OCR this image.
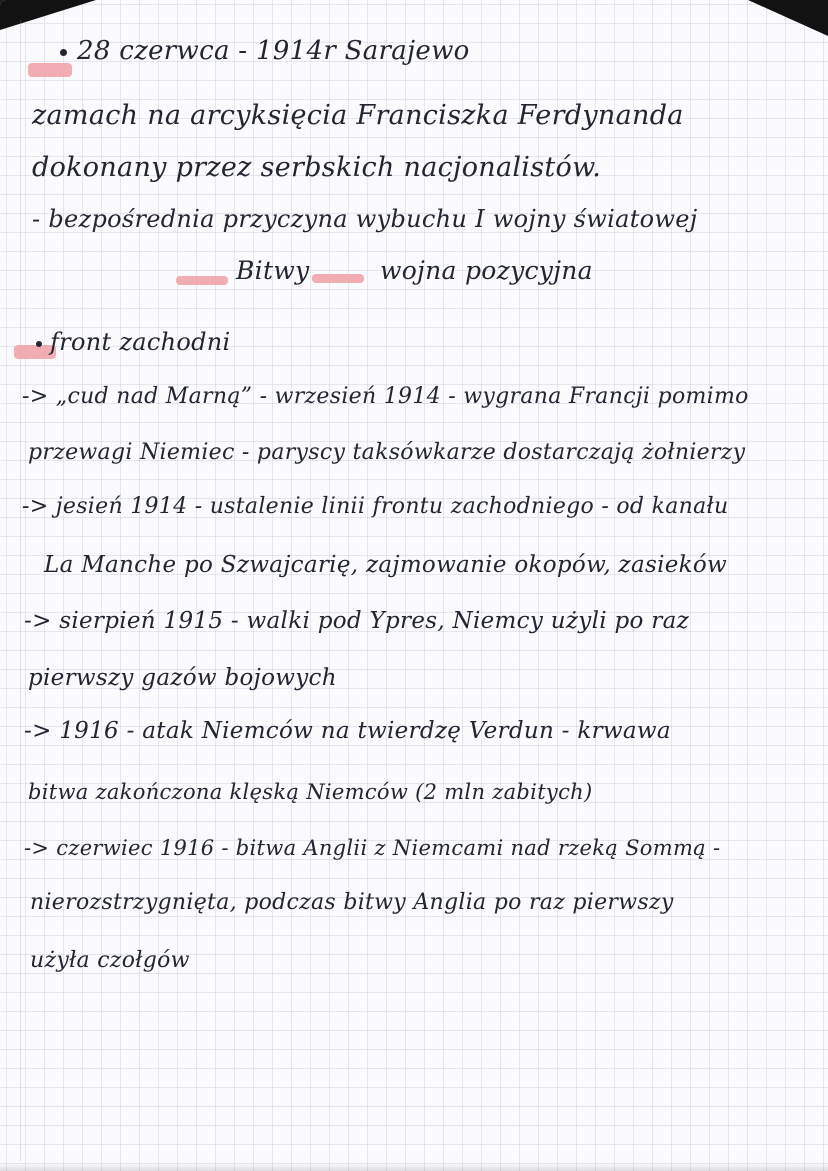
28 czerwca - 1914r Sarajewo
zamach na arcyksięcia Franciszka Ferdynanda
dokonany przez serbskich nacjonalistów.
- bezpośrednia przyczyna wybuchu I wojny światowej
Bitwy	wojna pozycyjna
front zachodni
-> „cud nad Marną” - wrzesień 1914 - wygrana Francji pomimo
przewagi Niemiec - paryscy taksówkarze dostarczają żołnierzy
-> jesień 1914 - ustalenie linii frontu zachodniego - od kanału
La Manche po Szwajcarię, zajmowanie okopów, zasieków
-> sierpień 1915 - walki pod Ypres, Niemcy użyli po raz
pierwszy gazów bojowych
-> 1916 - atak Niemców na twierdzę Verdun - krwawa
bitwa zakończona klęską Niemców (2 mln zabitych)
-> czerwiec 1916 - bitwa Anglii z Niemcami nad rzeką Sommą -
nierozstrzygnięta, podczas bitwy Anglia po raz pierwszy
użyła czołgów
